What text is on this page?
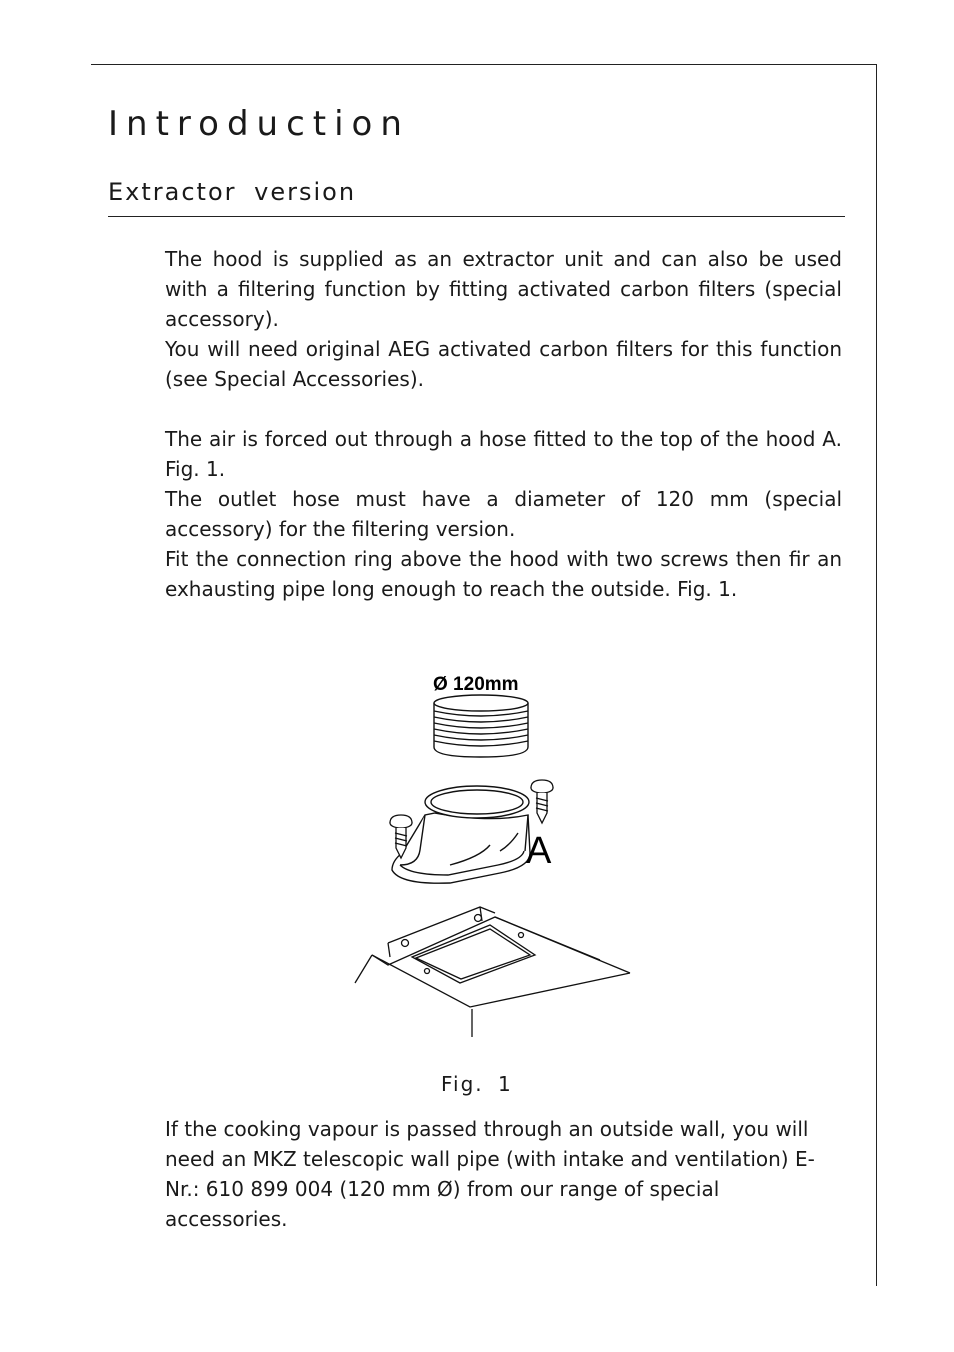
Introduction
Extractor version

The hood is supplied as an extractor unit and can also be used with a filtering function by fitting activated carbon filters (special accessory).

You will need original AEG activated carbon filters for this function (see Special Accessories).

The air is forced out through a hose fitted to the top of the hood A. Fig. 1.

The outlet hose must have a diameter of 120 mm (special accessory) for the filtering version.

Fit the connection ring above the hood with two screws then fir an exhausting pipe long enough to reach the outside. Fig. 1.

Ø 120mm
A

Fig. 1

If the cooking vapour is passed through an outside wall, you will need an MKZ telescopic wall pipe (with intake and ventilation) E-Nr.: 610 899 004 (120 mm Ø) from our range of special accessories.
